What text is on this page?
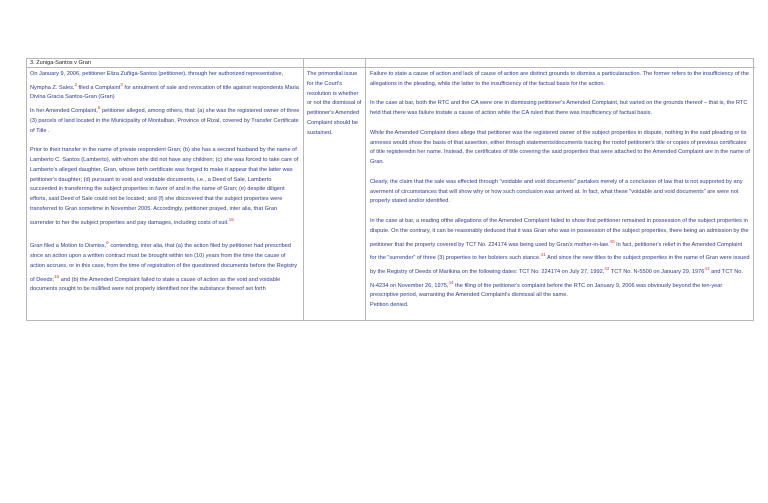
3. Zuniga-Santos v Gran

On January 9, 2006, petitioner Eliza Zuñiga-Santos (petitioner), through her authorized representative, Nympha Z. Sales,$^2$ filed a Complaint$^3$ for annulment of sale and revocation of title against respondents Maria Divina Gracia Santos-Gran (Gran)

In her Amended Complaint,$^5$ petitioner alleged, among others, that: (a) she was the registered owner of three (3) parcels of land located in the Municipality of Montalban, Province of Rizal, covered by Transfer Certificate of Title .

Prior to their transfer in the name of private respondent Gran; (b) she has a second husband by the name of Lamberto C. Santos (Lamberto), with whom she did not have any children; (c) she was forced to take care of Lamberto's alleged daughter, Gran, whose birth certificate was forged to make it appear that the latter was petitioner's daughter; (d) pursuant to void and voidable documents, i.e., a Deed of Sale, Lamberto succeeded in transferring the subject properties in favor of and in the name of Gran; (e) despite diligent efforts, said Deed of Sale could not be located; and (f) she discovered that the subject properties were transferred to Gran sometime in November 2005. Accordingly, petitioner prayed, inter alia, that Gran surrender to her the subject properties and pay damages, including costs of suit.$^{15}$

Gran filed a Motion to Dismiss,$^6$ contending, inter alia, that (a) the action filed by petitioner had prescribed since an action upon a written contract must be brought within ten (10) years from the time the cause of action accrues, or in this case, from the time of registration of the questioned documents before the Registry of Deeds;$^{16}$ and (b) the Amended Complaint failed to state a cause of action as the void and voidable documents sought to be nullified were not properly identified nor the substance thereof set forth

The primordial issue for the Court's resolution is whether or not the dismissal of petitioner's Amended Complaint should be sustained.

Failure to state a cause of action and lack of cause of action are distinct grounds to dismiss a particularaction. The former refers to the insufficiency of the allegations in the pleading, while the latter to the insufficiency of the factual basis for the action.

In the case at bar, both the RTC and the CA were one in dismissing petitioner's Amended Complaint, but varied on the grounds thereof – that is, the RTC held that there was failure tostate a cause of action while the CA ruled that there was insufficiency of factual basis.

While the Amended Complaint does allege that petitioner was the registered owner of the subject properties in dispute, nothing in the said pleading or its annexes would show the basis of that assertion, either through statements/documents tracing the rootof petitioner's title or copies of previous certificates of title registeredin her name. Instead, the certificates of title covering the said properties that were attached to the Amended Complaint are in the name of Gran.

Clearly, the claim that the sale was effected through "voidable and void documents" partakes merely of a conclusion of law that is not supported by any averment of circumstances that will show why or how such conclusion was arrived at. In fact, what these "voidable and void documents" are were not properly stated and/or identified.

In the case at bar, a reading ofthe allegations of the Amended Complaint failed to show that petitioner remained in possession of the subject properties in dispute. On the contrary, it can be reasonably deduced that it was Gran who was in possession of the subject properties, there being an admission by the petitioner that the property covered by TCT No. 224174 was being used by Gran's mother-in-law.$^{40}$ In fact, petitioner's relief in the Amended Complaint for the "surrender" of three (3) properties to her bolsters such stance.$^{41}$ And since the new titles to the subject properties in the name of Gran were issued by the Registry of Deeds of Marikina on the following dates: TCT No. 224174 on July 27, 1992,42 TCT No. N-5500 on January 29, 1976$^{43}$ and TCT No. N-4234 on November 26, 1975,44 the filing of the petitioner's complaint before the RTC on January 9, 2006 was obviously beyond the ten-year prescriptive period, warranting the Amended Complaint's dismissal all the same.

Petition denied.
